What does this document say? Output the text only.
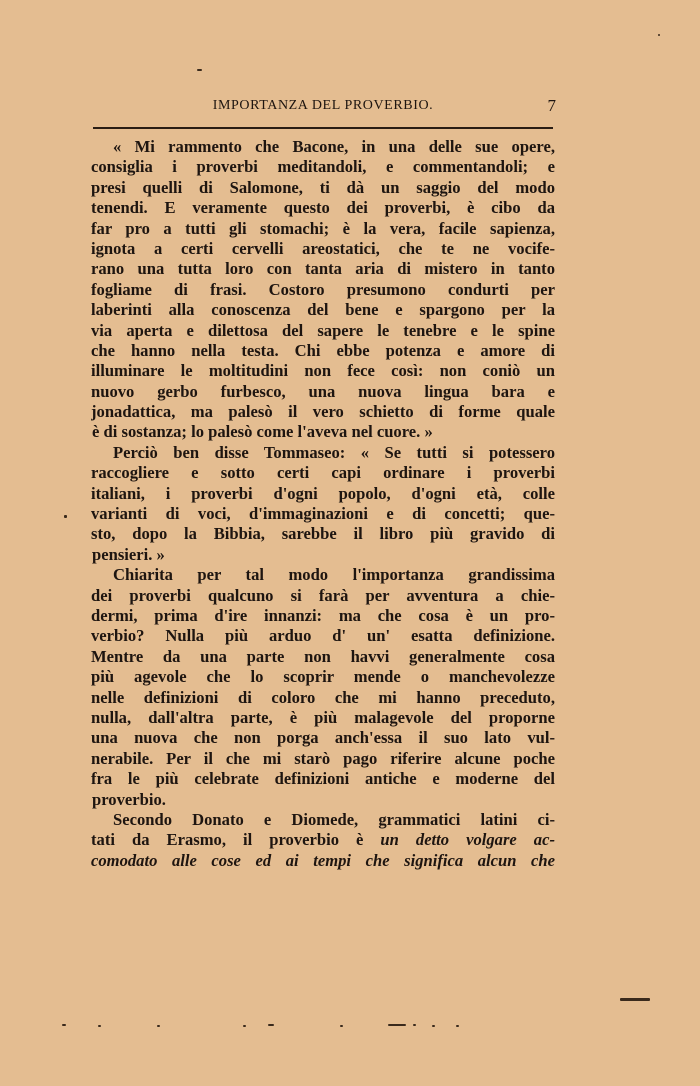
IMPORTANZA DEL PROVERBIO.	7
« Mi rammento che Bacone, in una delle sue opere,
consiglia i proverbi meditandoli, e commentandoli; e
presi quelli di Salomone, ti dà un saggio del modo
tenendi. E veramente questo dei proverbi, è cibo da
far pro a tutti gli stomachi; è la vera, facile sapienza,
ignota a certi cervelli areostatici, che te ne vocife-
rano una tutta loro con tanta aria di mistero in tanto
fogliame di frasi. Costoro presumono condurti per
laberinti alla conoscenza del bene e spargono per la
via aperta e dilettosa del sapere le tenebre e le spine
che hanno nella testa. Chi ebbe potenza e amore di
illuminare le moltitudini non fece così: non coniò un
nuovo gerbo furbesco, una nuova lingua bara e
jonadattica, ma palesò il vero schietto di forme quale
è di sostanza; lo palesò come l'aveva nel cuore. »
Perciò ben disse Tommaseo: « Se tutti si potessero
raccogliere e sotto certi capi ordinare i proverbi
italiani, i proverbi d'ogni popolo, d'ogni età, colle
varianti di voci, d'immaginazioni e di concetti; que-
sto, dopo la Bibbia, sarebbe il libro più gravido di
pensieri. »
Chiarita per tal modo l'importanza grandissima
dei proverbi qualcuno si farà per avventura a chie-
dermi, prima d'ire innanzi: ma che cosa è un pro-
verbio? Nulla più arduo d' un' esatta definizione.
Mentre da una parte non havvi generalmente cosa
più agevole che lo scoprir mende o manchevolezze
nelle definizioni di coloro che mi hanno preceduto,
nulla, dall'altra parte, è più malagevole del proporne
una nuova che non porga anch'essa il suo lato vul-
nerabile. Per il che mi starò pago riferire alcune poche
fra le più celebrate definizioni antiche e moderne del
proverbio.
Secondo Donato e Diomede, grammatici latini ci-
tati da Erasmo, il proverbio è un detto volgare ac-
comodato alle cose ed ai tempi che significa alcun che
